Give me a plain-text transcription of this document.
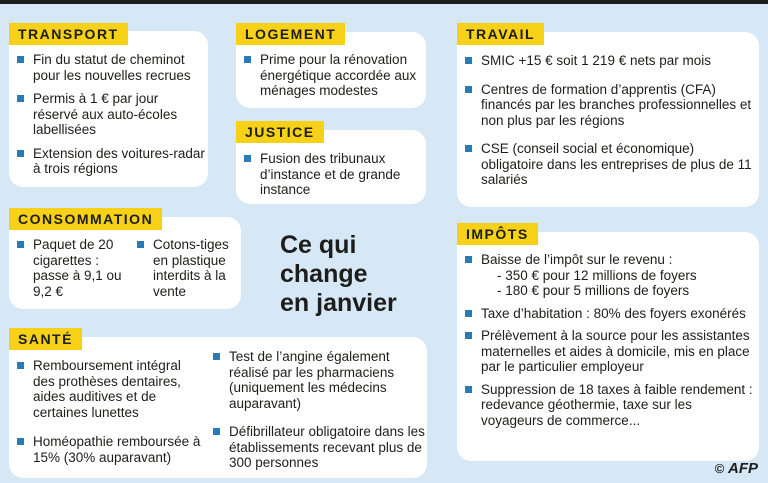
TRANSPORT
Fin du statut de cheminot pour les nouvelles recrues
Permis à 1 € par jour réservé aux auto-écoles labellisées
Extension des voitures-radar à trois régions
LOGEMENT
Prime pour la rénovation énergétique accordée aux ménages modestes
JUSTICE
Fusion des tribunaux d’instance et de grande instance
TRAVAIL
SMIC +15 € soit 1 219 € nets par mois
Centres de formation d’apprentis (CFA) financés par les branches professionnelles et non plus par les régions
CSE (conseil social et économique) obligatoire dans les entreprises de plus de 11 salariés
CONSOMMATION
Paquet de 20 cigarettes : passe à 9,1 ou 9,2 €
Cotons-tiges en plastique interdits à la vente
Ce qui
change
en janvier
SANTÉ
Remboursement intégral des prothèses dentaires, aides auditives et de certaines lunettes
Homéopathie remboursée à 15% (30% auparavant)
Test de l’angine également réalisé par les pharmaciens (uniquement les médecins auparavant)
Défibrillateur obligatoire dans les établissements recevant plus de 300 personnes
IMPÔTS
Baisse de l’impôt sur le revenu :
- 350 € pour 12 millions de foyers
- 180 € pour 5 millions de foyers
Taxe d’habitation : 80% des foyers exonérés
Prélèvement à la source pour les assistantes maternelles et aides à domicile, mis en place par le particulier employeur
Suppression de 18 taxes à faible rendement : redevance géothermie, taxe sur les voyageurs de commerce...
© AFP
